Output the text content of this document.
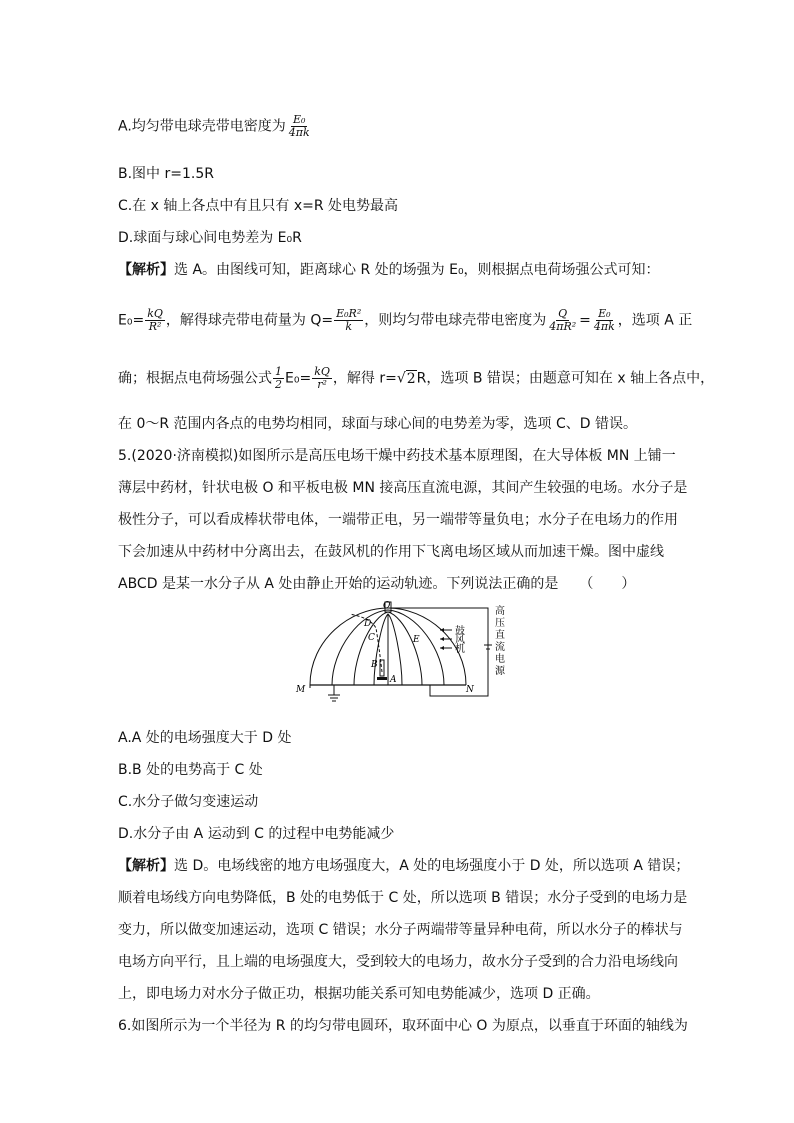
A.均匀带电球壳带电密度为 $\frac{\text{E₀}}{4\pi k}$
B.图中 r=1.5R
C.在 x 轴上各点中有且只有 x=R 处电势最高
D.球面与球心间电势差为 E₀R
【解析】选 A。由图线可知，距离球心 R 处的场强为 E₀，则根据点电荷场强公式可知：
$E_0= \frac{kQ}{\text{R²}}$ ，解得球壳带电荷量为 $Q= \frac{\text{E₀R²}}{k}$ ，则均匀带电球壳带电密度为 $\frac{Q}{\text{4πR²}} = \frac{\text{E₀}}{4\pi k}$ ，选项 A 正
确；根据点电荷场强公式 $\frac{1}{2} E_0= \frac{kQ}{\text{r²}}$ ，解得 r=√2R，选项 B 错误；由题意可知在 x 轴上各点中，
在 0～R 范围内各点的电势均相同，球面与球心间的电势差为零，选项 C、D 错误。
5.(2020·济南模拟)如图所示是高压电场干燥中药技术基本原理图，在大导体板 MN 上铺一
薄层中药材，针状电极 O 和平板电极 MN 接高压直流电源，其间产生较强的电场。水分子是
极性分子，可以看成棒状带电体，一端带正电，另一端带等量负电；水分子在电场力的作用
下会加速从中药材中分离出去，在鼓风机的作用下飞离电场区域从而加速干燥。图中虚线
ABCD 是某一水分子从 A 处由静止开始的运动轨迹。下列说法正确的是　　（　　）
O
D
C
B
A
E
M	N
鼓
风
机
高
压
直
流
电
源
A.A 处的电场强度大于 D 处
B.B 处的电势高于 C 处
C.水分子做匀变速运动
D.水分子由 A 运动到 C 的过程中电势能减少
【解析】选 D。电场线密的地方电场强度大，A 处的电场强度小于 D 处，所以选项 A 错误；
顺着电场线方向电势降低，B 处的电势低于 C 处，所以选项 B 错误；水分子受到的电场力是
变力，所以做变加速运动，选项 C 错误；水分子两端带等量异种电荷，所以水分子的棒状与
电场方向平行，且上端的电场强度大，受到较大的电场力，故水分子受到的合力沿电场线向
上，即电场力对水分子做正功，根据功能关系可知电势能减少，选项 D 正确。
6.如图所示为一个半径为 R 的均匀带电圆环，取环面中心 O 为原点，以垂直于环面的轴线为
